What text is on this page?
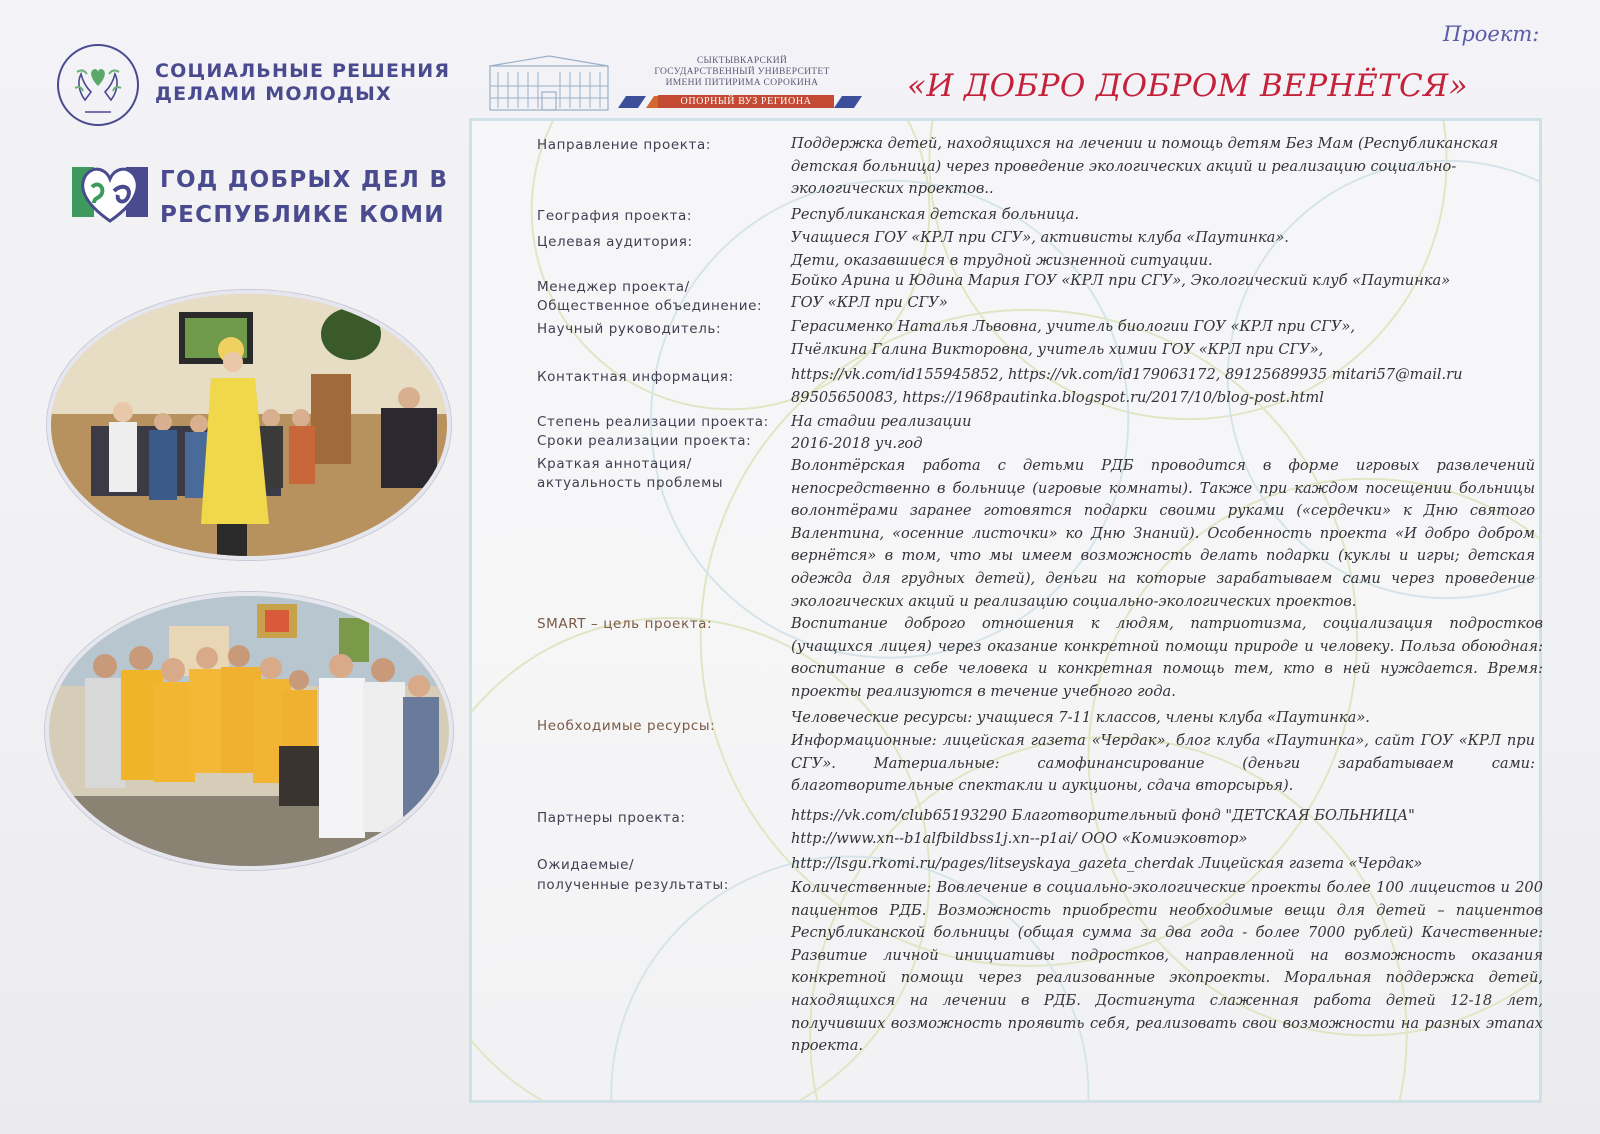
СОЦИАЛЬНЫЕ РЕШЕНИЯ ДЕЛАМИ МОЛОДЫХ
СЫКТЫВКАРСКИЙ ГОСУДАРСТВЕННЫЙ УНИВЕРСИТЕТ ИМЕНИ ПИТИРИМА СОРОКИНА
ОПОРНЫЙ ВУЗ РЕГИОНА
Проект:
«И ДОБРО ДОБРОМ ВЕРНЁТСЯ»
ГОД ДОБРЫХ ДЕЛ В РЕСПУБЛИКЕ КОМИ
Направление проекта:
География проекта:
Целевая аудитория:
Менеджер проекта/
Общественное объединение:
Научный руководитель:
Контактная информация:
Степень реализации проекта:
Сроки реализации проекта:
Краткая аннотация/
актуальность проблемы
SMART – цель проекта:
Необходимые ресурсы:
Партнеры проекта:
Ожидаемые/
полученные результаты:
Поддержка детей, находящихся на лечении и помощь детям Без Мам (Республиканская детская больница) через проведение экологических акций и реализацию социально-экологических проектов..
Республиканская детская больница.
Учащиеся ГОУ «КРЛ при СГУ», активисты клуба «Паутинка».
Дети, оказавшиеся в трудной жизненной ситуации.
Бойко Арина и Юдина Мария ГОУ «КРЛ при СГУ», Экологический клуб «Паутинка»
ГОУ «КРЛ при СГУ»
Герасименко Наталья Львовна, учитель биологии ГОУ «КРЛ при СГУ»,
Пчёлкина Галина Викторовна, учитель химии ГОУ «КРЛ при СГУ»,
https://vk.com/id155945852, https://vk.com/id179063172, 89125689935 mitari57@mail.ru
89505650083, https://1968pautinka.blogspot.ru/2017/10/blog-post.html
На стадии реализации
2016-2018 уч.год
Волонтёрская работа с детьми РДБ проводится в форме игровых развлечений непосредственно в больнице (игровые комнаты). Также при каждом посещении больницы волонтёрами заранее готовятся подарки своими руками («сердечки» к Дню святого Валентина, «осенние листочки» ко Дню Знаний). Особенность проекта «И добро добром вернётся» в том, что мы имеем возможность делать подарки (куклы и игры; детская одежда для грудных детей), деньги на которые зарабатываем сами через проведение экологических акций и реализацию социально-экологических проектов.
Воспитание доброго отношения к людям, патриотизма, социализация подростков (учащихся лицея) через оказание конкретной помощи природе и человеку. Польза обоюдная: воспитание в себе человека и конкретная помощь тем, кто в ней нуждается. Время: проекты реализуются в течение учебного года.
Человеческие ресурсы: учащиеся 7-11 классов, члены клуба «Паутинка».
Информационные: лицейская газета «Чердак», блог клуба «Паутинка», сайт ГОУ «КРЛ при СГУ». Материальные: самофинансирование (деньги зарабатываем сами: благотворительные спектакли и аукционы, сдача вторсырья).
https://vk.com/club65193290 Благотворительный фонд "ДЕТСКАЯ БОЛЬНИЦА"
http://www.xn--b1alfbildbss1j.xn--p1ai/ ООО «Комиэковтор»
http://lsgu.rkomi.ru/pages/litseyskaya_gazeta_cherdak Лицейская газета «Чердак»
Количественные: Вовлечение в социально-экологические проекты более 100 лицеистов и 200 пациентов РДБ. Возможность приобрести необходимые вещи для детей – пациентов Республиканской больницы (общая сумма за два года - более 7000 рублей) Качественные: Развитие личной инициативы подростков, направленной на возможность оказания конкретной помощи через реализованные экопроекты. Моральная поддержка детей, находящихся на лечении в РДБ. Достигнута слаженная работа детей 12-18 лет, получивших возможность проявить себя, реализовать свои возможности на разных этапах проекта.
